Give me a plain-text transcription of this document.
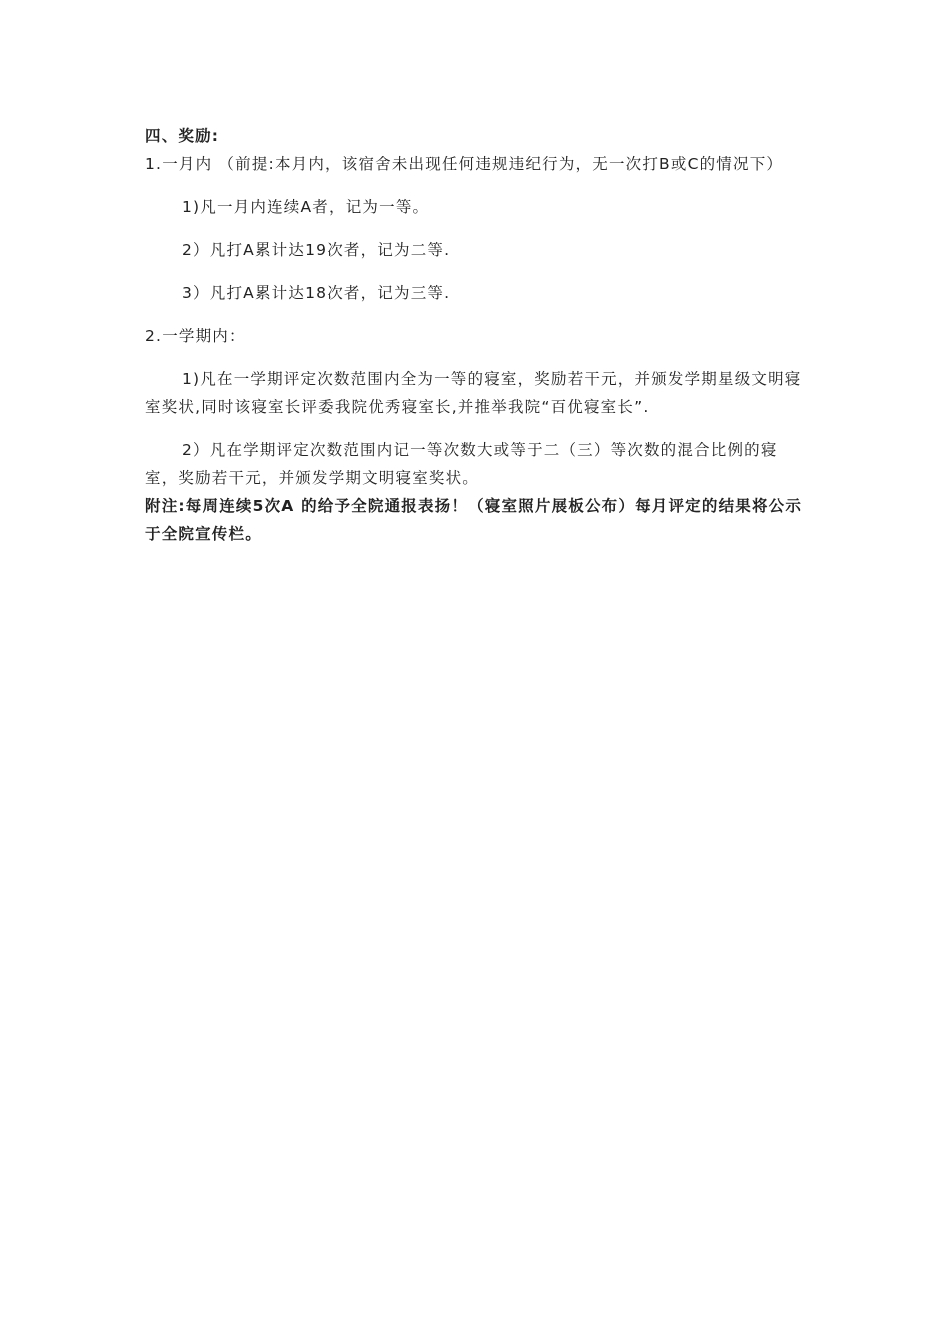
四、奖励:

1.一月内 （前提:本月内，该宿舍未出现任何违规违纪行为，无一次打B或C的情况下）

1)凡一月内连续A者，记为一等。

2）凡打A累计达19次者，记为二等.

3）凡打A累计达18次者，记为三等.

2.一学期内：

1)凡在一学期评定次数范围内全为一等的寝室，奖励若干元，并颁发学期星级文明寝室奖状,同时该寝室长评委我院优秀寝室长,并推举我院“百优寝室长”.

2）凡在学期评定次数范围内记一等次数大或等于二（三）等次数的混合比例的寝室，奖励若干元，并颁发学期文明寝室奖状。

附注:每周连续5次A 的给予全院通报表扬！（寝室照片展板公布）每月评定的结果将公示于全院宣传栏。
